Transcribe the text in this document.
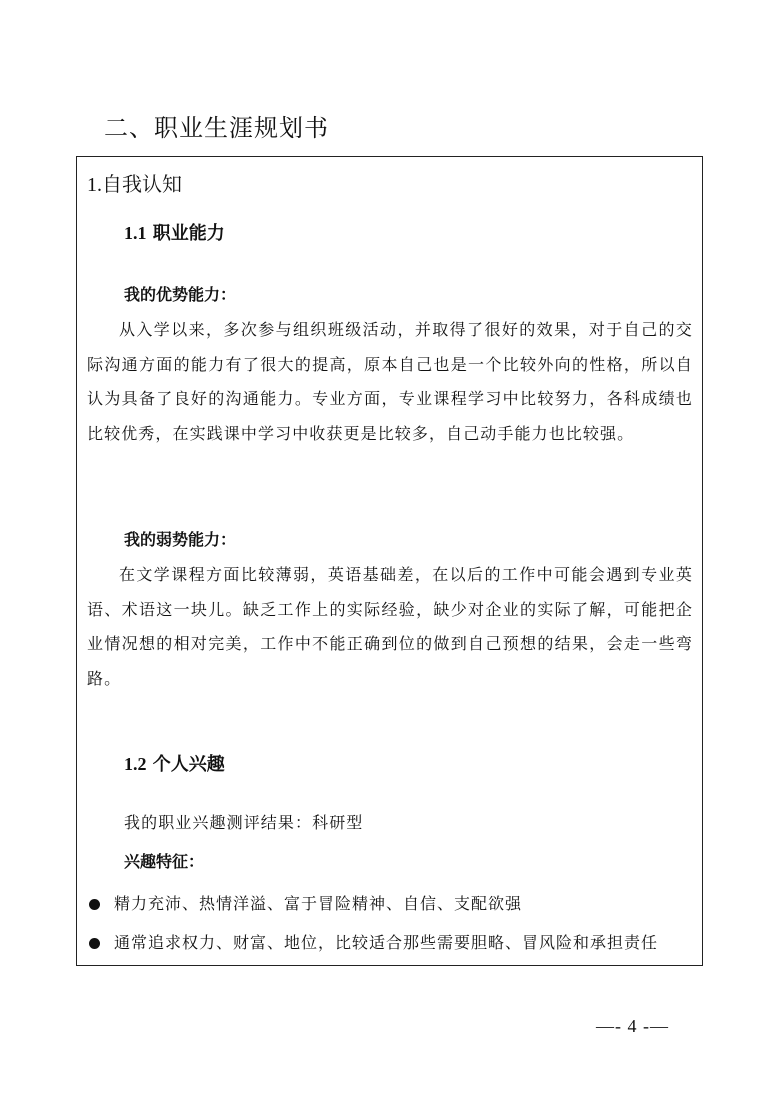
二、职业生涯规划书
1.自我认知
1.1 职业能力

我的优势能力：

从入学以来，多次参与组织班级活动，并取得了很好的效果，对于自己的交际沟通方面的能力有了很大的提高，原本自己也是一个比较外向的性格，所以自认为具备了良好的沟通能力。专业方面，专业课程学习中比较努力，各科成绩也比较优秀，在实践课中学习中收获更是比较多，自己动手能力也比较强。

我的弱势能力：

在文学课程方面比较薄弱，英语基础差，在以后的工作中可能会遇到专业英语、术语这一块儿。缺乏工作上的实际经验，缺少对企业的实际了解，可能把企业情况想的相对完美，工作中不能正确到位的做到自己预想的结果，会走一些弯路。

1.2 个人兴趣

我的职业兴趣测评结果：科研型

兴趣特征：

精力充沛、热情洋溢、富于冒险精神、自信、支配欲强

通常追求权力、财富、地位，比较适合那些需要胆略、冒风险和承担责任

—- 4 -—
